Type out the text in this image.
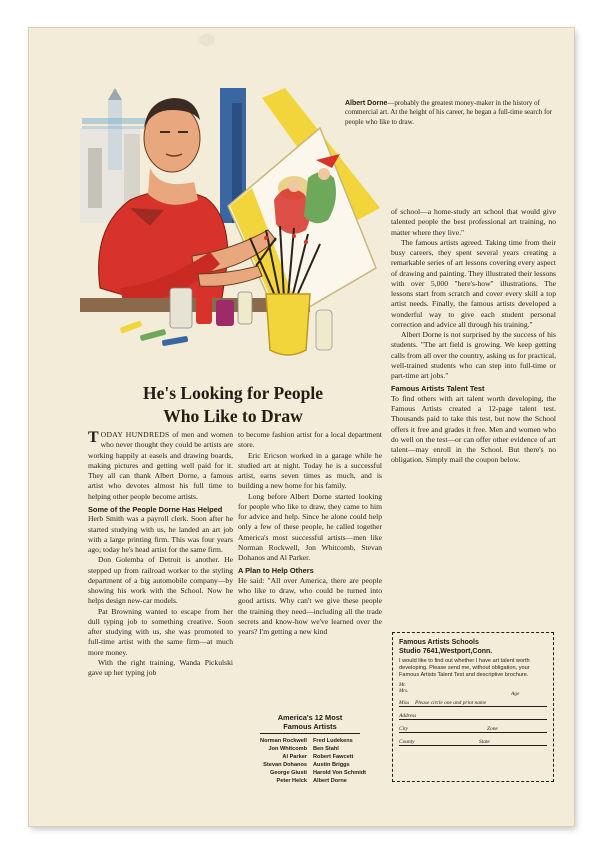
Albert Dorne—probably the greatest money-maker in the history of commercial art. At the height of his career, he began a full-time search for people who like to draw.
He's Looking for People
Who Like to Draw

TODAY HUNDREDS of men and women who never thought they could be artists are working happily at easels and drawing boards, making pictures and getting well paid for it. They all can thank Albert Dorne, a famous artist who devotes almost his full time to helping other people become artists.

Some of the People Dorne Has Helped

Herb Smith was a payroll clerk. Soon after he started studying with us, he landed an art job with a large printing firm. This was four years ago; today he's head artist for the same firm.

Don Golemba of Detroit is another. He stepped up from railroad worker to the styling department of a big automobile company—by showing his work with the School. Now he helps design new-car models.

Pat Browning wanted to escape from her dull typing job to something creative. Soon after studying with us, she was promoted to full-time artist with the same firm—at much more money.

With the right training, Wanda Pickulski gave up her typing job

to become fashion artist for a local department store.

Eric Ericson worked in a garage while he studied art at night. Today he is a successful artist, earns seven times as much, and is building a new home for his family.

Long before Albert Dorne started looking for people who like to draw, they came to him for advice and help. Since he alone could help only a few of these people, he called together America's most successful artists—men like Norman Rockwell, Jon Whitcomb, Stevan Dohanos and Al Parker.

A Plan to Help Others

He said: "All over America, there are people who like to draw, who could be turned into good artists. Why can't we give these people the training they need—including all the trade secrets and know-how we've learned over the years? I'm getting a new kind

America's 12 Most
Famous Artists
Norman Rockwell	Fred Ludekens
Jon Whitcomb	Ben Stahl
Al Parker	Robert Fawcett
Stevan Dohanos	Austin Briggs
George Giusti	Harold Von Schmidt
Peter Helck	Albert Dorne

of school—a home-study art school that would give talented people the best professional art training, no matter where they live."

The famous artists agreed. Taking time from their busy careers, they spent several years creating a remarkable series of art lessons covering every aspect of drawing and painting. They illustrated their lessons with over 5,000 "here's-how" illustrations. The lessons start from scratch and cover every skill a top artist needs. Finally, the famous artists developed a wonderful way to give each student personal correction and advice all through his training."

Albert Dorne is not surprised by the success of his students. "The art field is growing. We keep getting calls from all over the country, asking us for practical, well-trained students who can step into full-time or part-time art jobs."

Famous Artists Talent Test

To find others with art talent worth developing, the Famous Artists created a 12-page talent test. Thousands paid to take this test, but now the School offers it free and grades it free. Men and women who do well on the test—or can offer other evidence of art talent—may enroll in the School. But there's no obligation. Simply mail the coupon below.

Famous Artists Schools
Studio 7641,Westport,Conn.
I would like to find out whether I have art talent worth developing. Please send me, without obligation, your Famous Artists Talent Test and descriptive brochure.
Mr.
Mrs.
Miss Please circle one and print name
Age
Address
City	Zone
County	State
